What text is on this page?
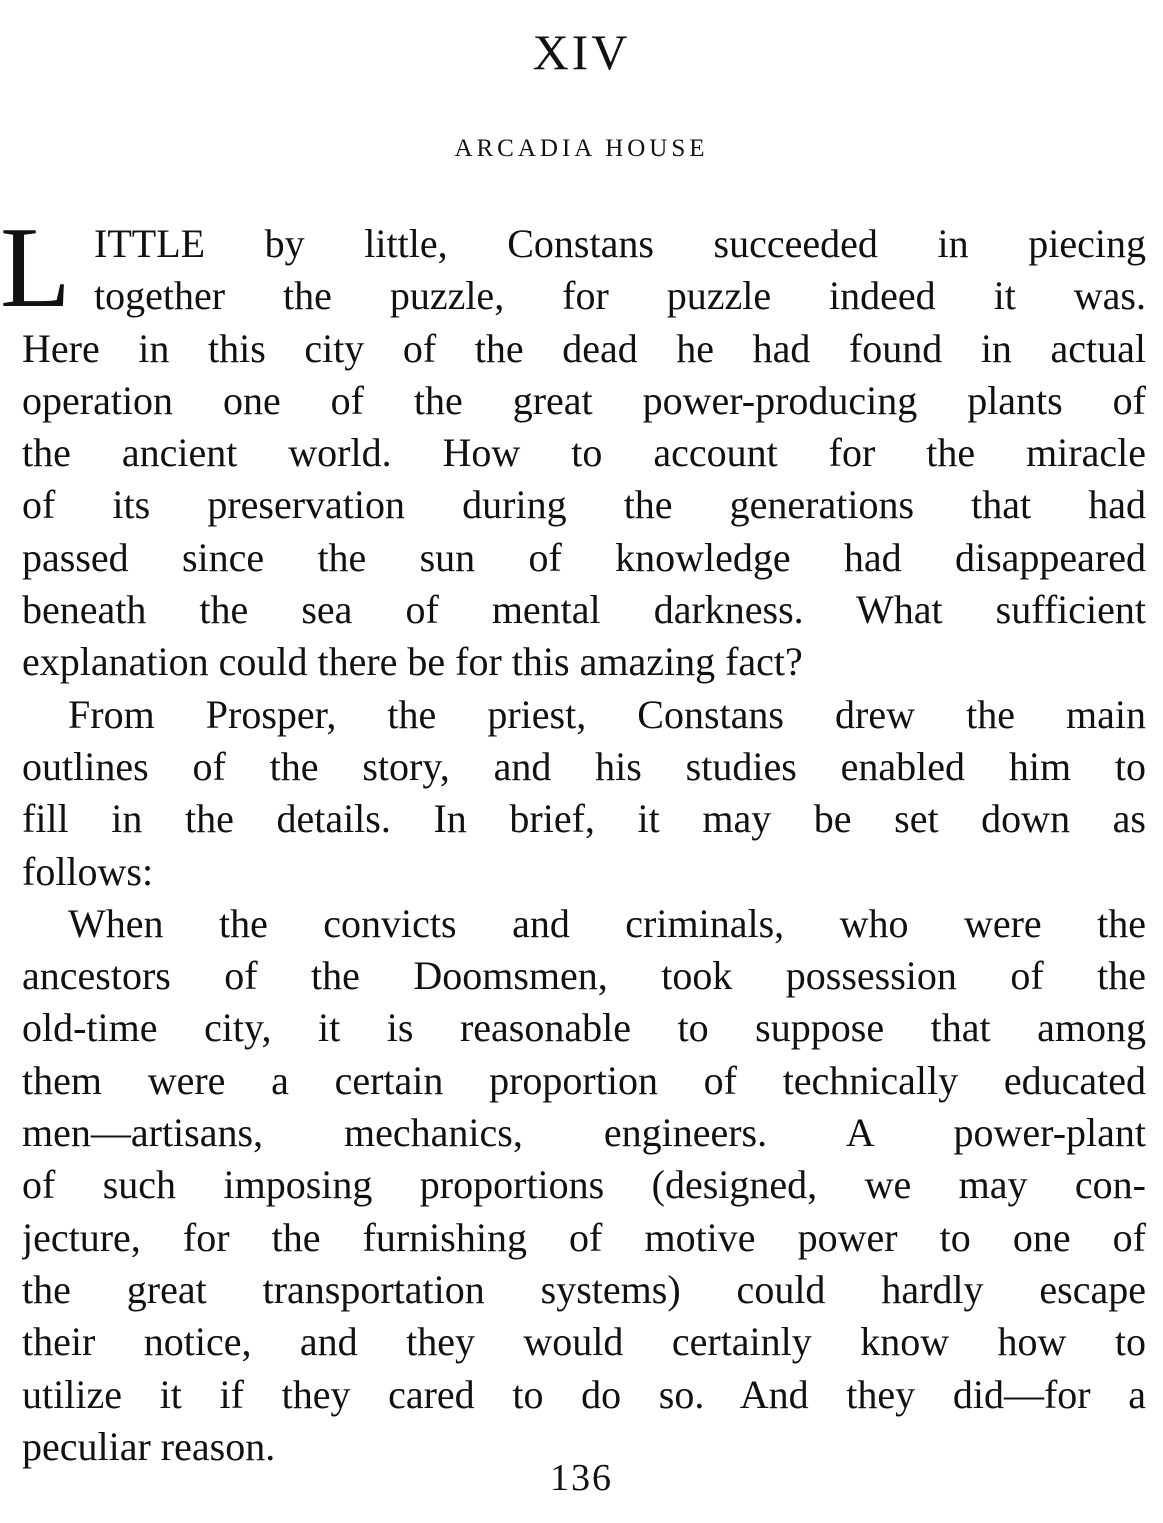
XIV
ARCADIA HOUSE
L ITTLE by little, Constans succeeded in piecing
together the puzzle, for puzzle indeed it was.
Here in this city of the dead he had found in actual
operation one of the great power-producing plants of
the ancient world. How to account for the miracle
of its preservation during the generations that had
passed since the sun of knowledge had disappeared
beneath the sea of mental darkness. What sufficient
explanation could there be for this amazing fact?
From Prosper, the priest, Constans drew the main
outlines of the story, and his studies enabled him to
fill in the details. In brief, it may be set down as
follows:
When the convicts and criminals, who were the
ancestors of the Doomsmen, took possession of the
old-time city, it is reasonable to suppose that among
them were a certain proportion of technically educated
men—artisans, mechanics, engineers. A power-plant
of such imposing proportions (designed, we may con-
jecture, for the furnishing of motive power to one of
the great transportation systems) could hardly escape
their notice, and they would certainly know how to
utilize it if they cared to do so. And they did—for a
peculiar reason.
136
